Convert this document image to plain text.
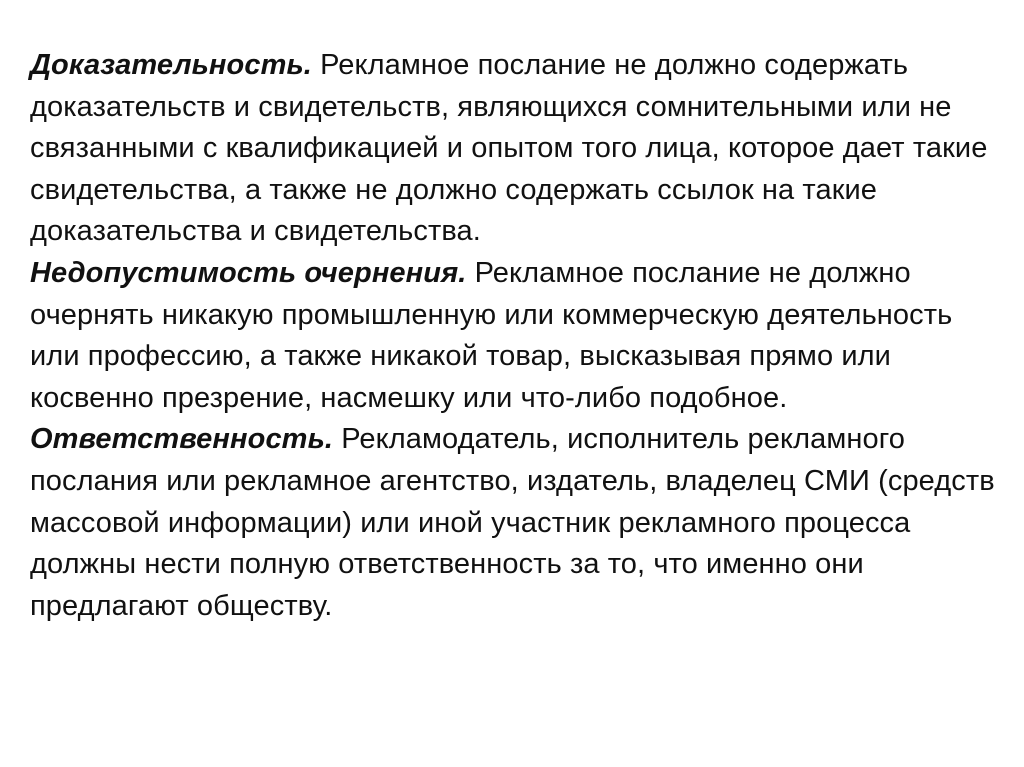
Доказательность. Рекламное послание не должно содержать доказательств и свидетельств, являющихся сомнительными или не связанными с квалификацией и опытом того лица, которое дает такие свидетельства, а также не должно содержать ссылок на такие доказательства и свидетельства.

Недопустимость очернения. Рекламное послание не должно очернять никакую промышленную или коммерческую деятельность или профессию, а также никакой товар, высказывая прямо или косвенно презрение, насмешку или что-либо подобное.

Ответственность. Рекламодатель, исполнитель рекламного послания или рекламное агентство, издатель, владелец СМИ (средств массовой информации) или иной участник рекламного процесса должны нести полную ответственность за то, что именно они предлагают обществу.
